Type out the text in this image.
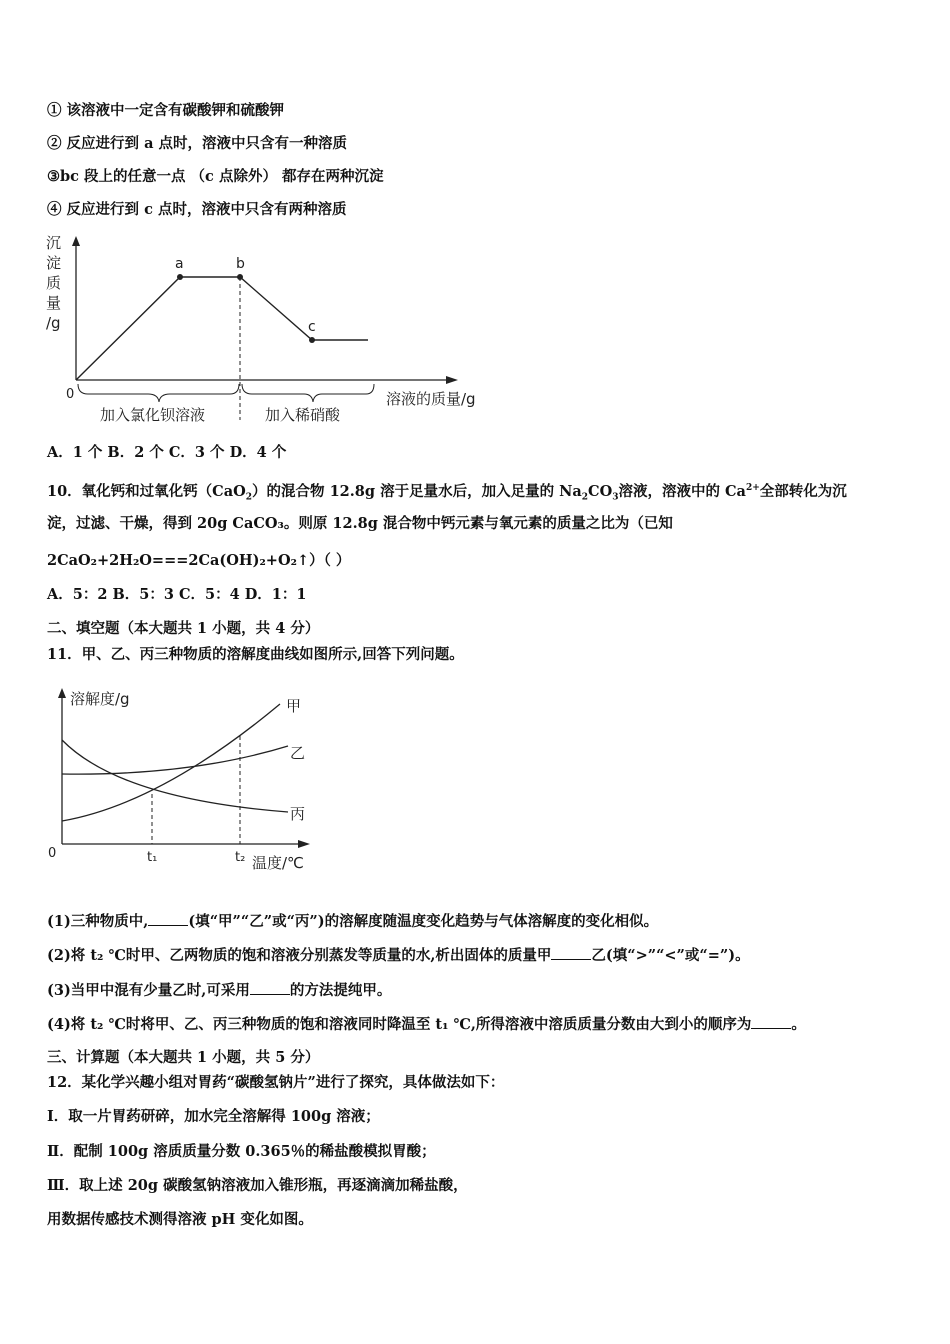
① 该溶液中一定含有碳酸钾和硫酸钾
② 反应进行到 a 点时，溶液中只含有一种溶质
③bc 段上的任意一点 （c 点除外） 都存在两种沉淀
④ 反应进行到 c 点时，溶液中只含有两种溶质
沉
淀
质
量
/g
0	溶液的质量/g
a	b
c
加入氯化钡溶液	加入稀硝酸
A．1 个 B．2 个 C．3 个 D．4 个
10．氧化钙和过氧化钙（CaO$_2$）的混合物 12.8g 溶于足量水后，加入足量的 $Na_2CO_3$溶液，溶液中的 $Ca^{2+}$全部转化为沉
淀，过滤、干燥，得到 20g CaCO₃。则原 12.8g 混合物中钙元素与氧元素的质量之比为（已知
2CaO₂+2H₂O===2Ca(OH)₂+O₂↑）（ ）
A．5：2 B．5：3 C．5：4 D．1：1
二、填空题（本大题共 1 小题，共 4 分）
11．甲、乙、丙三种物质的溶解度曲线如图所示,回答下列问题。
溶解度/g
0
温度/℃
t₁	t₂
甲
乙
丙
(1)三种物质中,	(填“甲”“乙”或“丙”)的溶解度随温度变化趋势与气体溶解度的变化相似。
(2)将 t₂ ℃时甲、乙两物质的饱和溶液分别蒸发等质量的水,析出固体的质量甲	乙(填“>”“<”或“=”)。
(3)当甲中混有少量乙时,可采用	的方法提纯甲。
(4)将 t₂ ℃时将甲、乙、丙三种物质的饱和溶液同时降温至 t₁ ℃,所得溶液中溶质质量分数由大到小的顺序为	。
三、计算题（本大题共 1 小题，共 5 分）
12．某化学兴趣小组对胃药“碳酸氢钠片”进行了探究，具体做法如下：
Ⅰ．取一片胃药研碎，加水完全溶解得 100g 溶液；
Ⅱ．配制 100g 溶质质量分数 0.365％的稀盐酸模拟胃酸；
Ⅲ．取上述 20g 碳酸氢钠溶液加入锥形瓶，再逐滴滴加稀盐酸，
用数据传感技术测得溶液 pH 变化如图。
